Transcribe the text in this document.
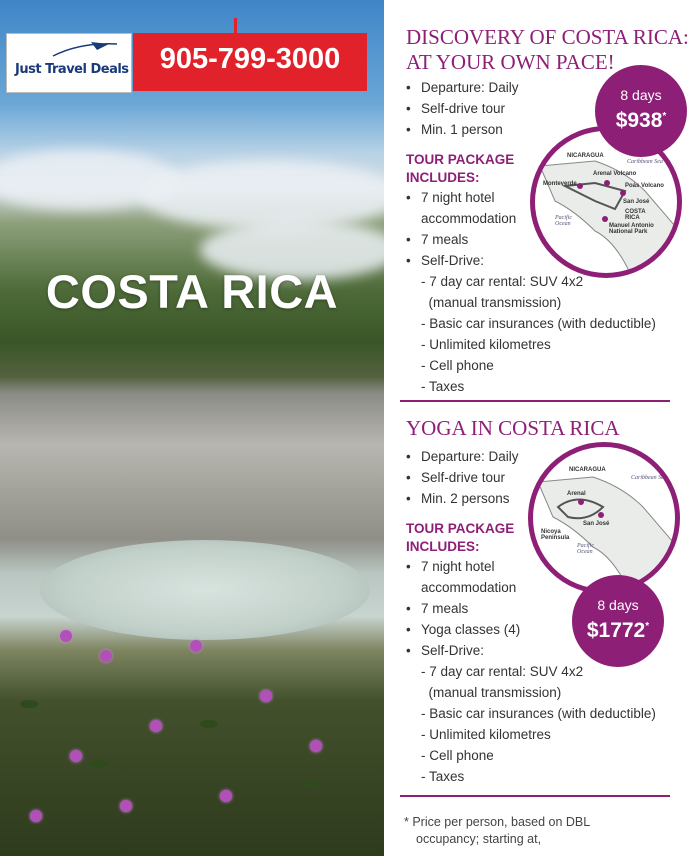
Just Travel Deals	905-799-3000
COSTA RICA
DISCOVERY OF COSTA RICA:
AT YOUR OWN PACE!
• Departure: Daily
• Self-drive tour
• Min. 1 person
TOUR PACKAGE
INCLUDES:
• 7 night hotel
accommodation
• 7 meals
• Self-Drive:
- 7 day car rental: SUV 4x2
(manual transmission)
- Basic car insurances (with deductible)
- Unlimited kilometres
- Cell phone
- Taxes
NICARAGUA
Caribbean Sea
Arenal Volcano
Monteverde	Poás Volcano
San José
COSTA RICA
Pacific Ocean	Manuel Antonio National Park
8 days
$938*
YOGA IN COSTA RICA
• Departure: Daily
• Self-drive tour
• Min. 2 persons
TOUR PACKAGE
INCLUDES:
• 7 night hotel
accommodation
• 7 meals
• Yoga classes (4)
• Self-Drive:
- 7 day car rental: SUV 4x2
(manual transmission)
- Basic car insurances (with deductible)
- Unlimited kilometres
- Cell phone
- Taxes
NICARAGUA
Caribbean Sea
Arenal
San José
Nicoya Peninsula
Pacific Ocean
8 days
$1772*
* Price per person, based on DBL
occupancy; starting at,
